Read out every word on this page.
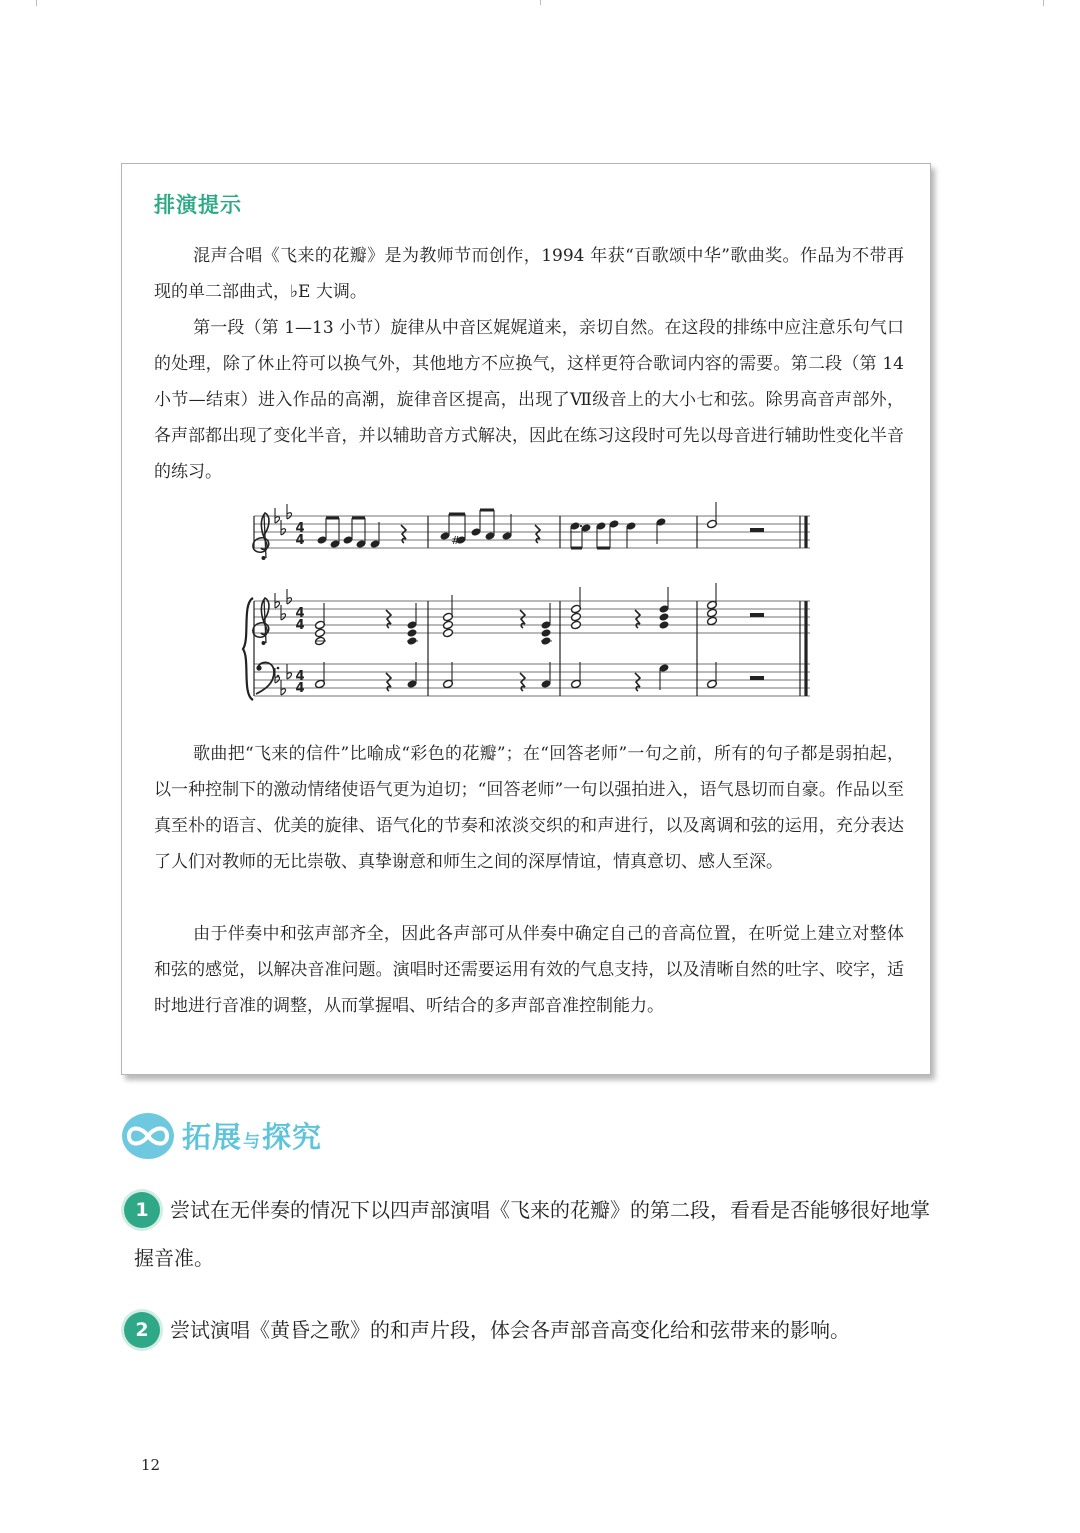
排演提示

混声合唱《飞来的花瓣》是为教师节而创作，1994 年获“百歌颂中华”歌曲奖。作品为不带再现的单二部曲式，♭E 大调。

第一段（第 1—13 小节）旋律从中音区娓娓道来，亲切自然。在这段的排练中应注意乐句气口的处理，除了休止符可以换气外，其他地方不应换气，这样更符合歌词内容的需要。第二段（第 14 小节—结束）进入作品的高潮，旋律音区提高，出现了Ⅶ级音上的大小七和弦。除男高音声部外，各声部都出现了变化半音，并以辅助音方式解决，因此在练习这段时可先以母音进行辅助性变化半音的练习。

4
4
#

歌曲把“飞来的信件”比喻成“彩色的花瓣”；在“回答老师”一句之前，所有的句子都是弱拍起，以一种控制下的激动情绪使语气更为迫切；“回答老师”一句以强拍进入，语气恳切而自豪。作品以至真至朴的语言、优美的旋律、语气化的节奏和浓淡交织的和声进行，以及离调和弦的运用，充分表达了人们对教师的无比崇敬、真挚谢意和师生之间的深厚情谊，情真意切、感人至深。

由于伴奏中和弦声部齐全，因此各声部可从伴奏中确定自己的音高位置，在听觉上建立对整体和弦的感觉，以解决音准问题。演唱时还需要运用有效的气息支持，以及清晰自然的吐字、咬字，适时地进行音准的调整，从而掌握唱、听结合的多声部音准控制能力。

拓展与探究
1	尝试在无伴奏的情况下以四声部演唱《飞来的花瓣》的第二段，看看是否能够很好地掌握音准。

2	尝试演唱《黄昏之歌》的和声片段，体会各声部音高变化给和弦带来的影响。

12
